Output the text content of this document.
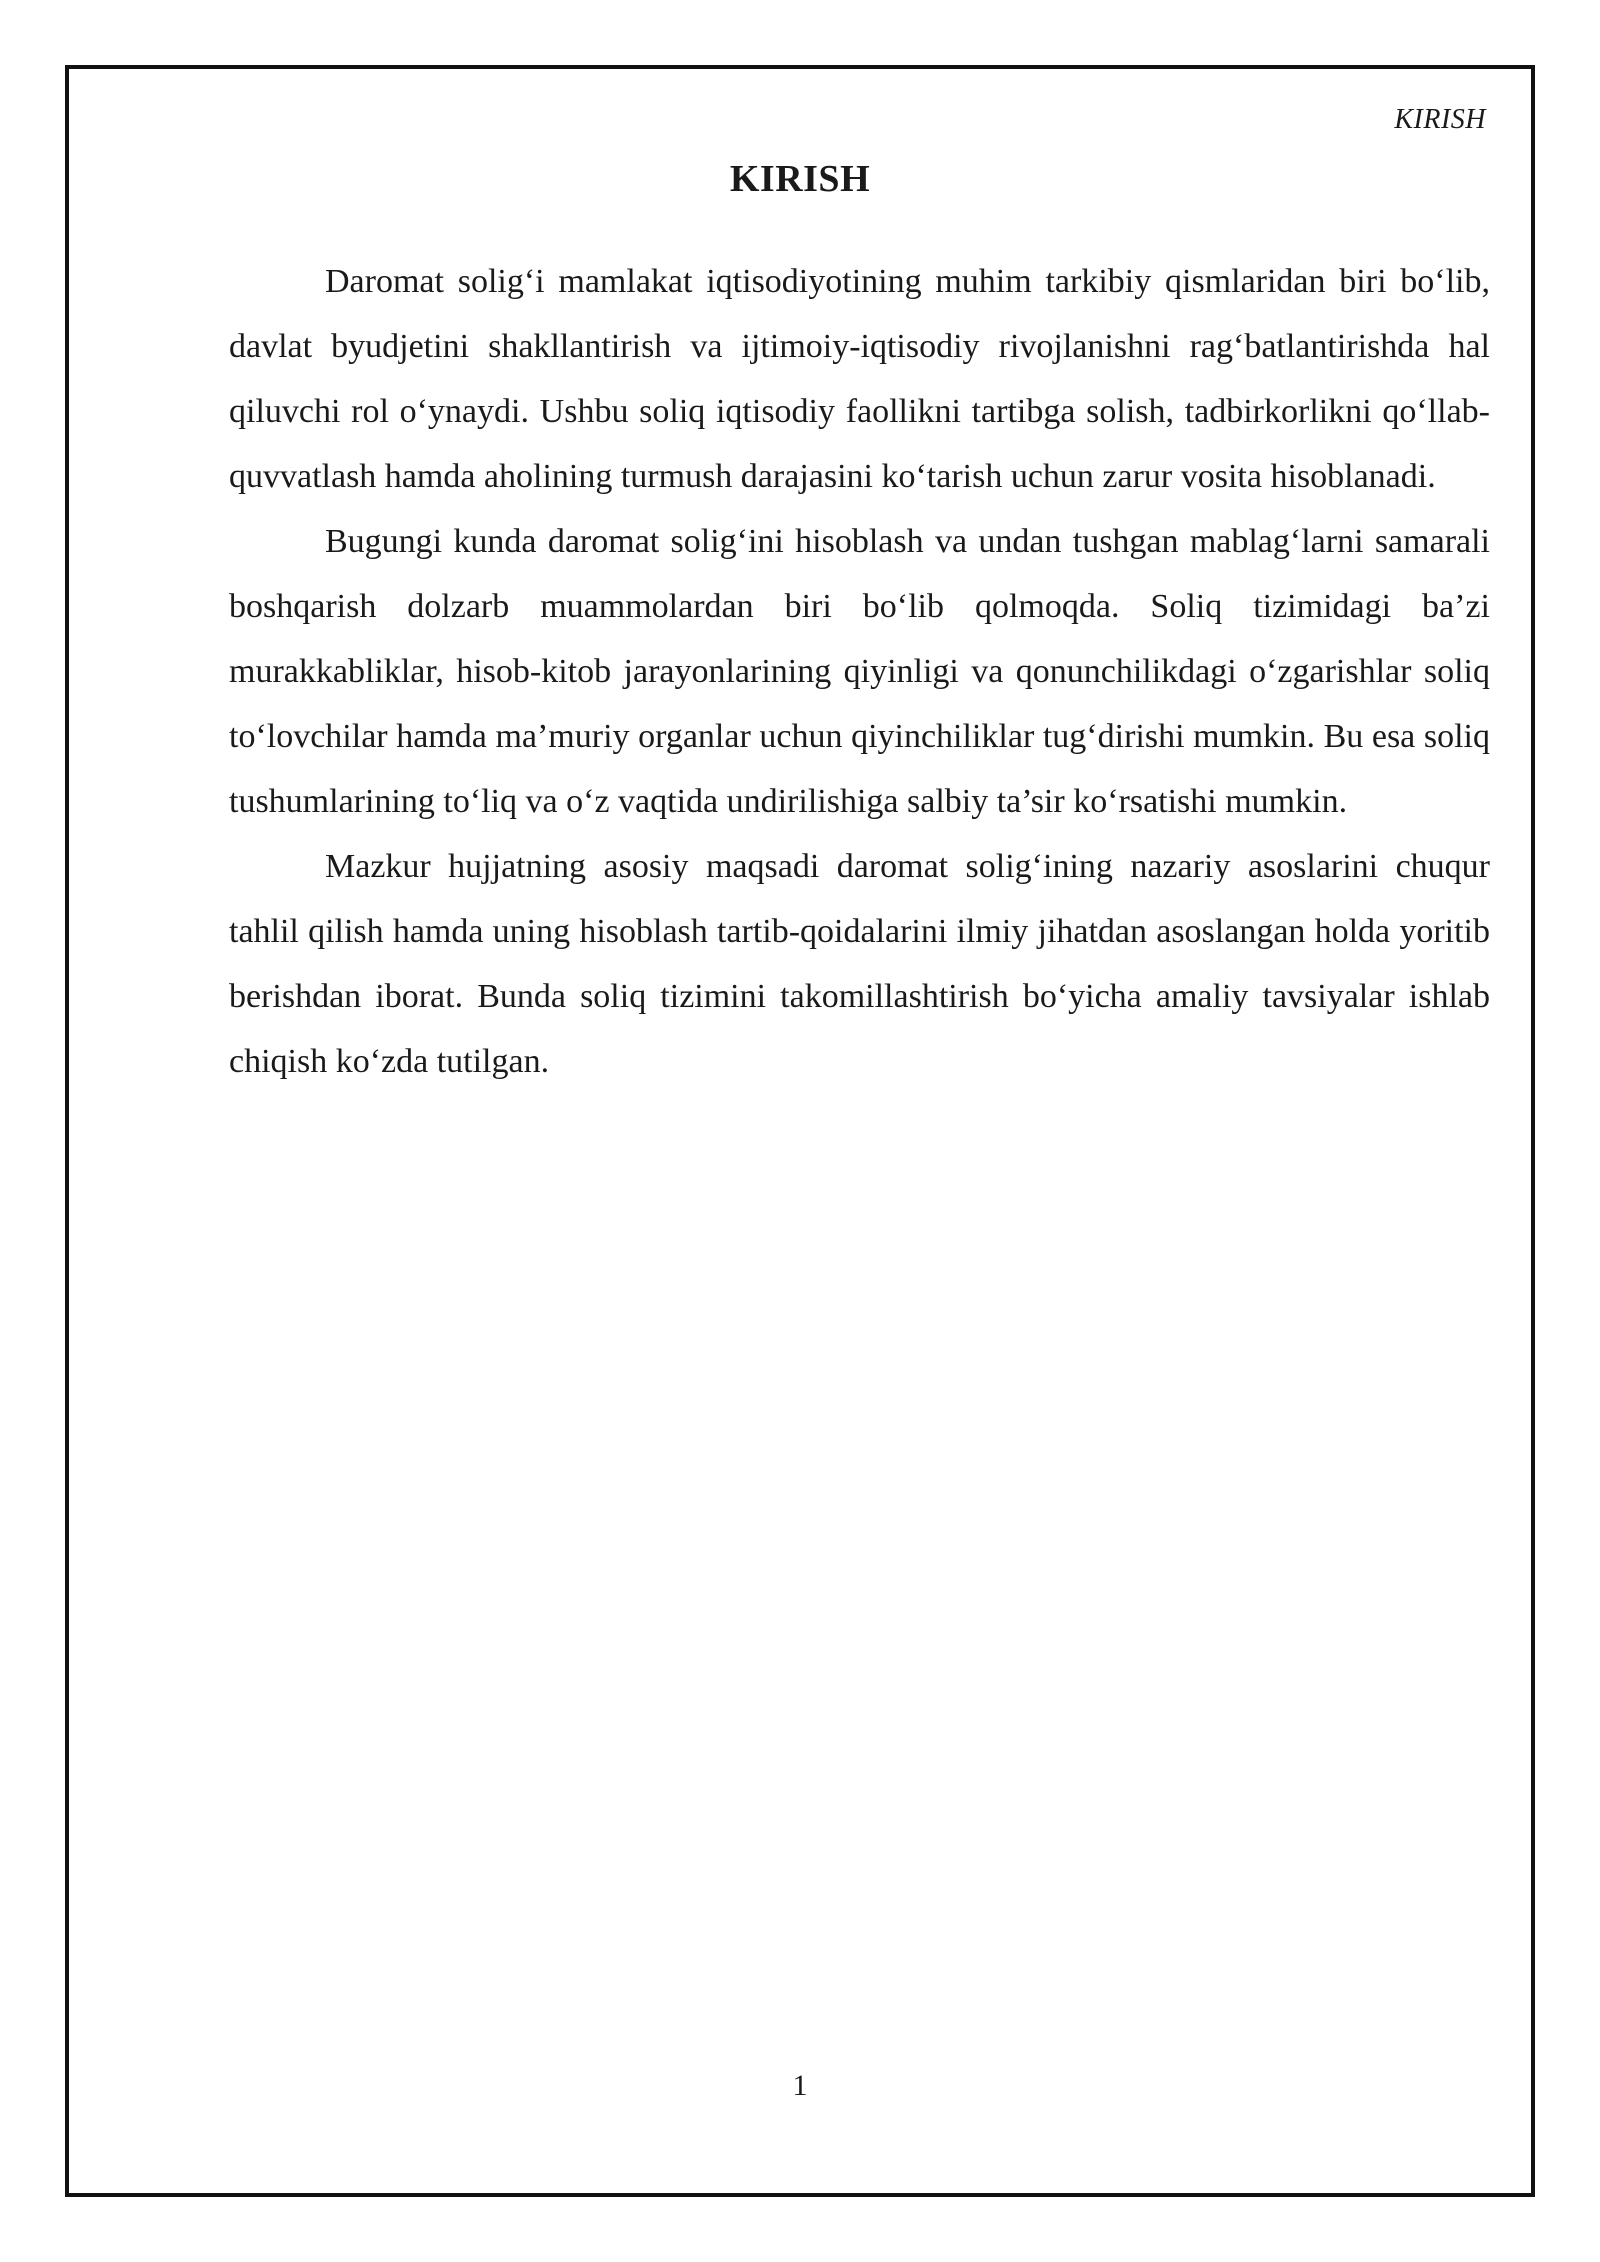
KIRISH
KIRISH

Daromat solig‘i mamlakat iqtisodiyotining muhim tarkibiy qismlaridan biri bo‘lib, davlat byudjetini shakllantirish va ijtimoiy-iqtisodiy rivojlanishni rag‘batlantirishda hal qiluvchi rol o‘ynaydi. Ushbu soliq iqtisodiy faollikni tartibga solish, tadbirkorlikni qo‘llab-quvvatlash hamda aholining turmush darajasini ko‘tarish uchun zarur vosita hisoblanadi.

Bugungi kunda daromat solig‘ini hisoblash va undan tushgan mablag‘larni samarali boshqarish dolzarb muammolardan biri bo‘lib qolmoqda. Soliq tizimidagi ba’zi murakkabliklar, hisob-kitob jarayonlarining qiyinligi va qonunchilikdagi o‘zgarishlar soliq to‘lovchilar hamda ma’muriy organlar uchun qiyinchiliklar tug‘dirishi mumkin. Bu esa soliq tushumlarining to‘liq va o‘z vaqtida undirilishiga salbiy ta’sir ko‘rsatishi mumkin.

Mazkur hujjatning asosiy maqsadi daromat solig‘ining nazariy asoslarini chuqur tahlil qilish hamda uning hisoblash tartib-qoidalarini ilmiy jihatdan asoslangan holda yoritib berishdan iborat. Bunda soliq tizimini takomillashtirish bo‘yicha amaliy tavsiyalar ishlab chiqish ko‘zda tutilgan.

1
